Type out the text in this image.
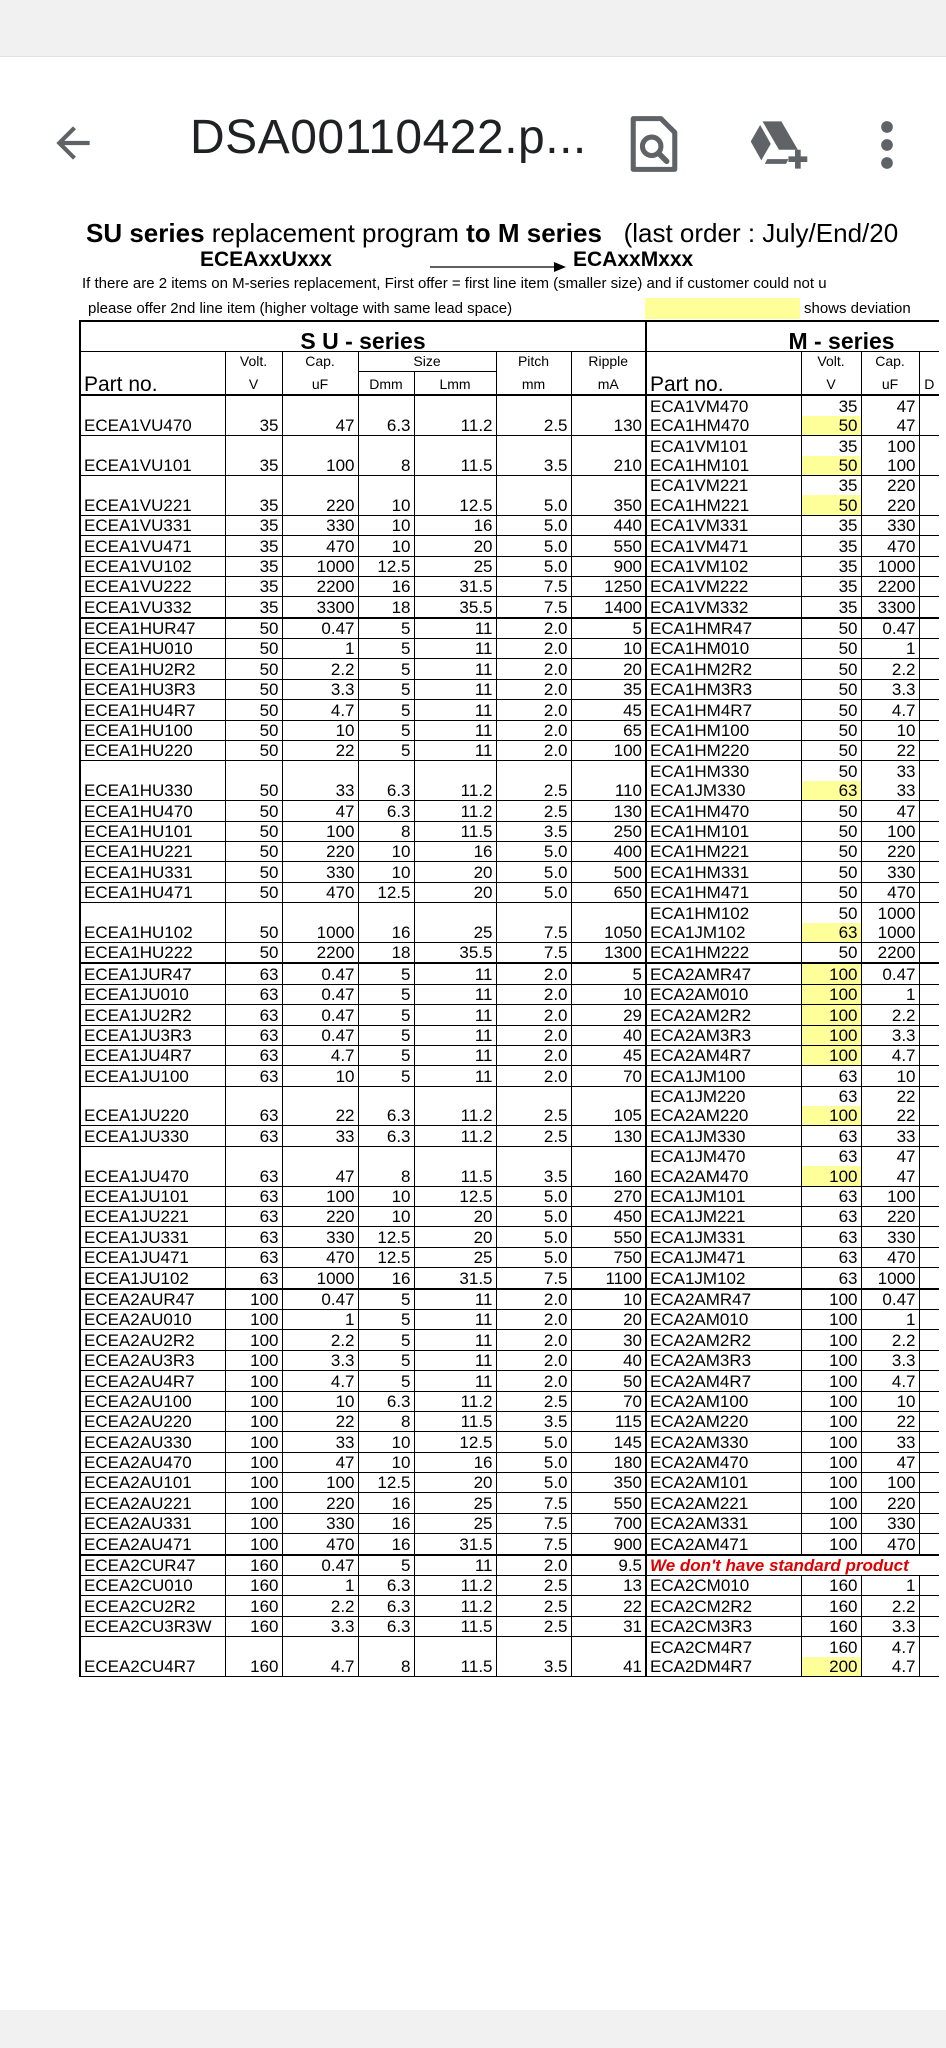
DSA00110422.p...
SU series replacement program to M series   (last order : July/End/20
ECEAxxUxxx	ECAxxMxxx
If there are 2 items on M-series replacement, First offer = first line item (smaller size) and if customer could not u
please offer 2nd line item (higher voltage with same lead space)	shows deviation
S U - series							M - series			
	Volt.	Cap.	Size		Pitch	Ripple		Volt.	Cap.	
Part no.	V	uF	Dmm	Lmm	mm	mA	Part no.	V	uF	D
ECEA1VU470	35	47	6.3	11.2	2.5	130	ECA1VM470	35	47	
							ECA1HM470	50	47	
ECEA1VU101	35	100	8	11.5	3.5	210	ECA1VM101	35	100	
							ECA1HM101	50	100	
ECEA1VU221	35	220	10	12.5	5.0	350	ECA1VM221	35	220	
							ECA1HM221	50	220	
ECEA1VU331	35	330	10	16	5.0	440	ECA1VM331	35	330	
ECEA1VU471	35	470	10	20	5.0	550	ECA1VM471	35	470	
ECEA1VU102	35	1000	12.5	25	5.0	900	ECA1VM102	35	1000	
ECEA1VU222	35	2200	16	31.5	7.5	1250	ECA1VM222	35	2200	
ECEA1VU332	35	3300	18	35.5	7.5	1400	ECA1VM332	35	3300	
ECEA1HUR47	50	0.47	5	11	2.0	5	ECA1HMR47	50	0.47	
ECEA1HU010	50	1	5	11	2.0	10	ECA1HM010	50	1	
ECEA1HU2R2	50	2.2	5	11	2.0	20	ECA1HM2R2	50	2.2	
ECEA1HU3R3	50	3.3	5	11	2.0	35	ECA1HM3R3	50	3.3	
ECEA1HU4R7	50	4.7	5	11	2.0	45	ECA1HM4R7	50	4.7	
ECEA1HU100	50	10	5	11	2.0	65	ECA1HM100	50	10	
ECEA1HU220	50	22	5	11	2.0	100	ECA1HM220	50	22	
ECEA1HU330	50	33	6.3	11.2	2.5	110	ECA1HM330	50	33	
							ECA1JM330	63	33	
ECEA1HU470	50	47	6.3	11.2	2.5	130	ECA1HM470	50	47	
ECEA1HU101	50	100	8	11.5	3.5	250	ECA1HM101	50	100	
ECEA1HU221	50	220	10	16	5.0	400	ECA1HM221	50	220	
ECEA1HU331	50	330	10	20	5.0	500	ECA1HM331	50	330	
ECEA1HU471	50	470	12.5	20	5.0	650	ECA1HM471	50	470	
ECEA1HU102	50	1000	16	25	7.5	1050	ECA1HM102	50	1000	
							ECA1JM102	63	1000	
ECEA1HU222	50	2200	18	35.5	7.5	1300	ECA1HM222	50	2200	
ECEA1JUR47	63	0.47	5	11	2.0	5	ECA2AMR47	100	0.47	
ECEA1JU010	63	0.47	5	11	2.0	10	ECA2AM010	100	1	
ECEA1JU2R2	63	0.47	5	11	2.0	29	ECA2AM2R2	100	2.2	
ECEA1JU3R3	63	0.47	5	11	2.0	40	ECA2AM3R3	100	3.3	
ECEA1JU4R7	63	4.7	5	11	2.0	45	ECA2AM4R7	100	4.7	
ECEA1JU100	63	10	5	11	2.0	70	ECA1JM100	63	10	
ECEA1JU220	63	22	6.3	11.2	2.5	105	ECA1JM220	63	22	
							ECA2AM220	100	22	
ECEA1JU330	63	33	6.3	11.2	2.5	130	ECA1JM330	63	33	
ECEA1JU470	63	47	8	11.5	3.5	160	ECA1JM470	63	47	
							ECA2AM470	100	47	
ECEA1JU101	63	100	10	12.5	5.0	270	ECA1JM101	63	100	
ECEA1JU221	63	220	10	20	5.0	450	ECA1JM221	63	220	
ECEA1JU331	63	330	12.5	20	5.0	550	ECA1JM331	63	330	
ECEA1JU471	63	470	12.5	25	5.0	750	ECA1JM471	63	470	
ECEA1JU102	63	1000	16	31.5	7.5	1100	ECA1JM102	63	1000	
ECEA2AUR47	100	0.47	5	11	2.0	10	ECA2AMR47	100	0.47	
ECEA2AU010	100	1	5	11	2.0	20	ECA2AM010	100	1	
ECEA2AU2R2	100	2.2	5	11	2.0	30	ECA2AM2R2	100	2.2	
ECEA2AU3R3	100	3.3	5	11	2.0	40	ECA2AM3R3	100	3.3	
ECEA2AU4R7	100	4.7	5	11	2.0	50	ECA2AM4R7	100	4.7	
ECEA2AU100	100	10	6.3	11.2	2.5	70	ECA2AM100	100	10	
ECEA2AU220	100	22	8	11.5	3.5	115	ECA2AM220	100	22	
ECEA2AU330	100	33	10	12.5	5.0	145	ECA2AM330	100	33	
ECEA2AU470	100	47	10	16	5.0	180	ECA2AM470	100	47	
ECEA2AU101	100	100	12.5	20	5.0	350	ECA2AM101	100	100	
ECEA2AU221	100	220	16	25	7.5	550	ECA2AM221	100	220	
ECEA2AU331	100	330	16	25	7.5	700	ECA2AM331	100	330	
ECEA2AU471	100	470	16	31.5	7.5	900	ECA2AM471	100	470	
ECEA2CUR47	160	0.47	5	11	2.0	9.5	We don't have standard product			
ECEA2CU010	160	1	6.3	11.2	2.5	13	ECA2CM010	160	1	
ECEA2CU2R2	160	2.2	6.3	11.2	2.5	22	ECA2CM2R2	160	2.2	
ECEA2CU3R3W	160	3.3	6.3	11.5	2.5	31	ECA2CM3R3	160	3.3	
ECEA2CU4R7	160	4.7	8	11.5	3.5	41	ECA2CM4R7	160	4.7	
							ECA2DM4R7	200	4.7	
